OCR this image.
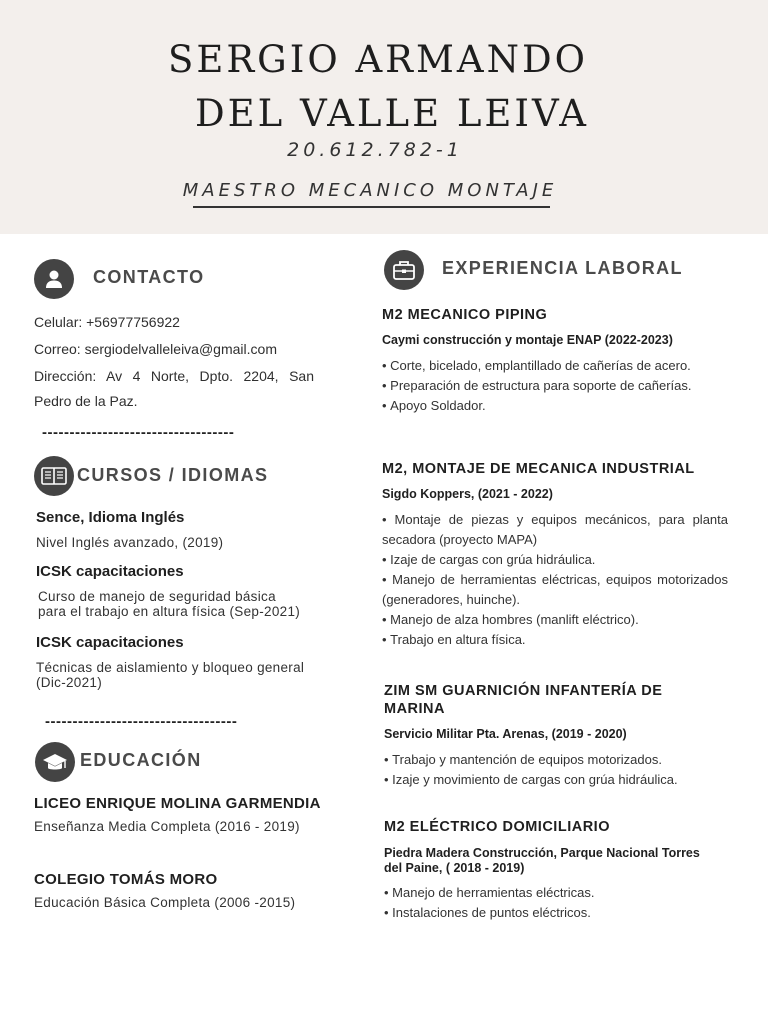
SERGIO ARMANDO
DEL VALLE LEIVA
20.612.782-1
MAESTRO MECANICO MONTAJE
CONTACTO
Celular: +56977756922
Correo: sergiodelvalleleiva@gmail.com
Dirección: Av 4 Norte, Dpto. 2204, San
Pedro de la Paz.
-----------------------------------
CURSOS / IDIOMAS
Sence, Idioma Inglés
Nivel Inglés avanzado, (2019)
ICSK capacitaciones
Curso de manejo de seguridad básica
para el trabajo en altura física (Sep-2021)
ICSK capacitaciones
Técnicas de aislamiento y bloqueo general
(Dic-2021)
-----------------------------------
EDUCACIÓN
LICEO ENRIQUE MOLINA GARMENDIA
Enseñanza Media Completa (2016 - 2019)
COLEGIO TOMÁS MORO
Educación Básica Completa (2006 -2015)
EXPERIENCIA LABORAL
M2 MECANICO PIPING
Caymi construcción y montaje ENAP (2022-2023)
• Corte, bicelado, emplantillado de cañerías de acero.
• Preparación de estructura para soporte de cañerías.
• Apoyo Soldador.
M2, MONTAJE DE MECANICA INDUSTRIAL
Sigdo Koppers, (2021 - 2022)
• Montaje de piezas y equipos mecánicos, para planta secadora (proyecto MAPA)
• Izaje de cargas con grúa hidráulica.
• Manejo de herramientas eléctricas, equipos motorizados (generadores, huinche).
• Manejo de alza hombres (manlift eléctrico).
• Trabajo en altura física.
ZIM SM GUARNICIÓN INFANTERÍA DE MARINA
Servicio Militar Pta. Arenas, (2019 - 2020)
• Trabajo y mantención de equipos motorizados.
• Izaje y movimiento de cargas con grúa hidráulica.
M2 ELÉCTRICO DOMICILIARIO
Piedra Madera Construcción, Parque Nacional Torres del Paine, ( 2018 - 2019)
• Manejo de herramientas eléctricas.
• Instalaciones de puntos eléctricos.
